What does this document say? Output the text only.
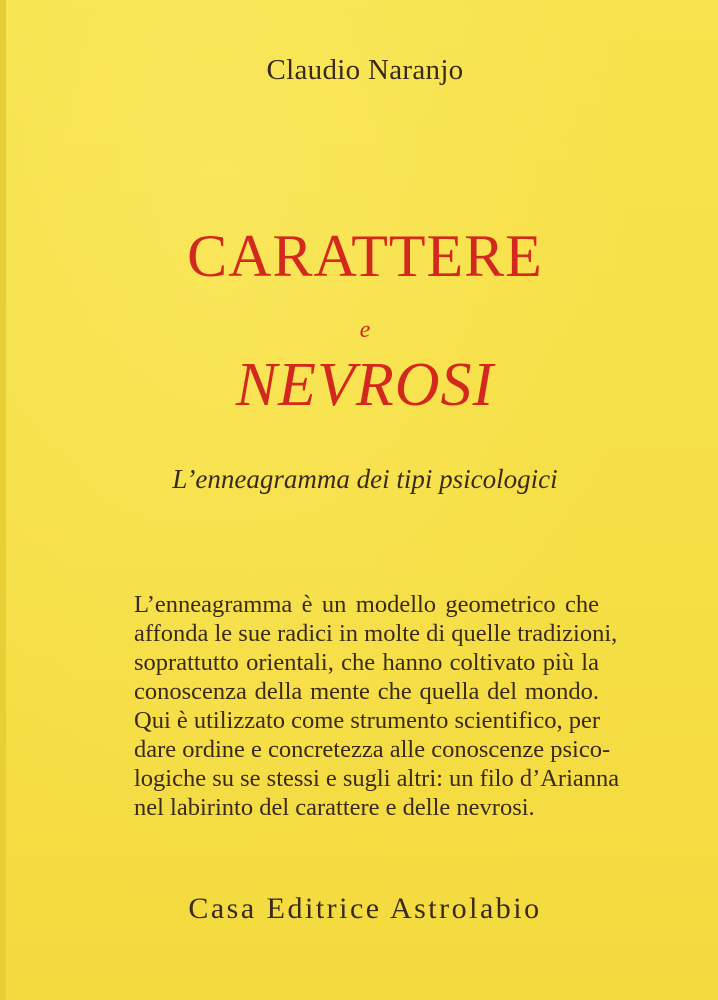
Claudio Naranjo
CARATTERE
e
NEVROSI
L’enneagramma dei tipi psicologici

L’enneagramma è un modello geometrico che
affonda le sue radici in molte di quelle tradizioni,
soprattutto orientali, che hanno coltivato più la
conoscenza della mente che quella del mondo.
Qui è utilizzato come strumento scientifico, per
dare ordine e concretezza alle conoscenze psico-
logiche su se stessi e sugli altri: un filo d’Arianna
nel labirinto del carattere e delle nevrosi.

Casa Editrice Astrolabio
